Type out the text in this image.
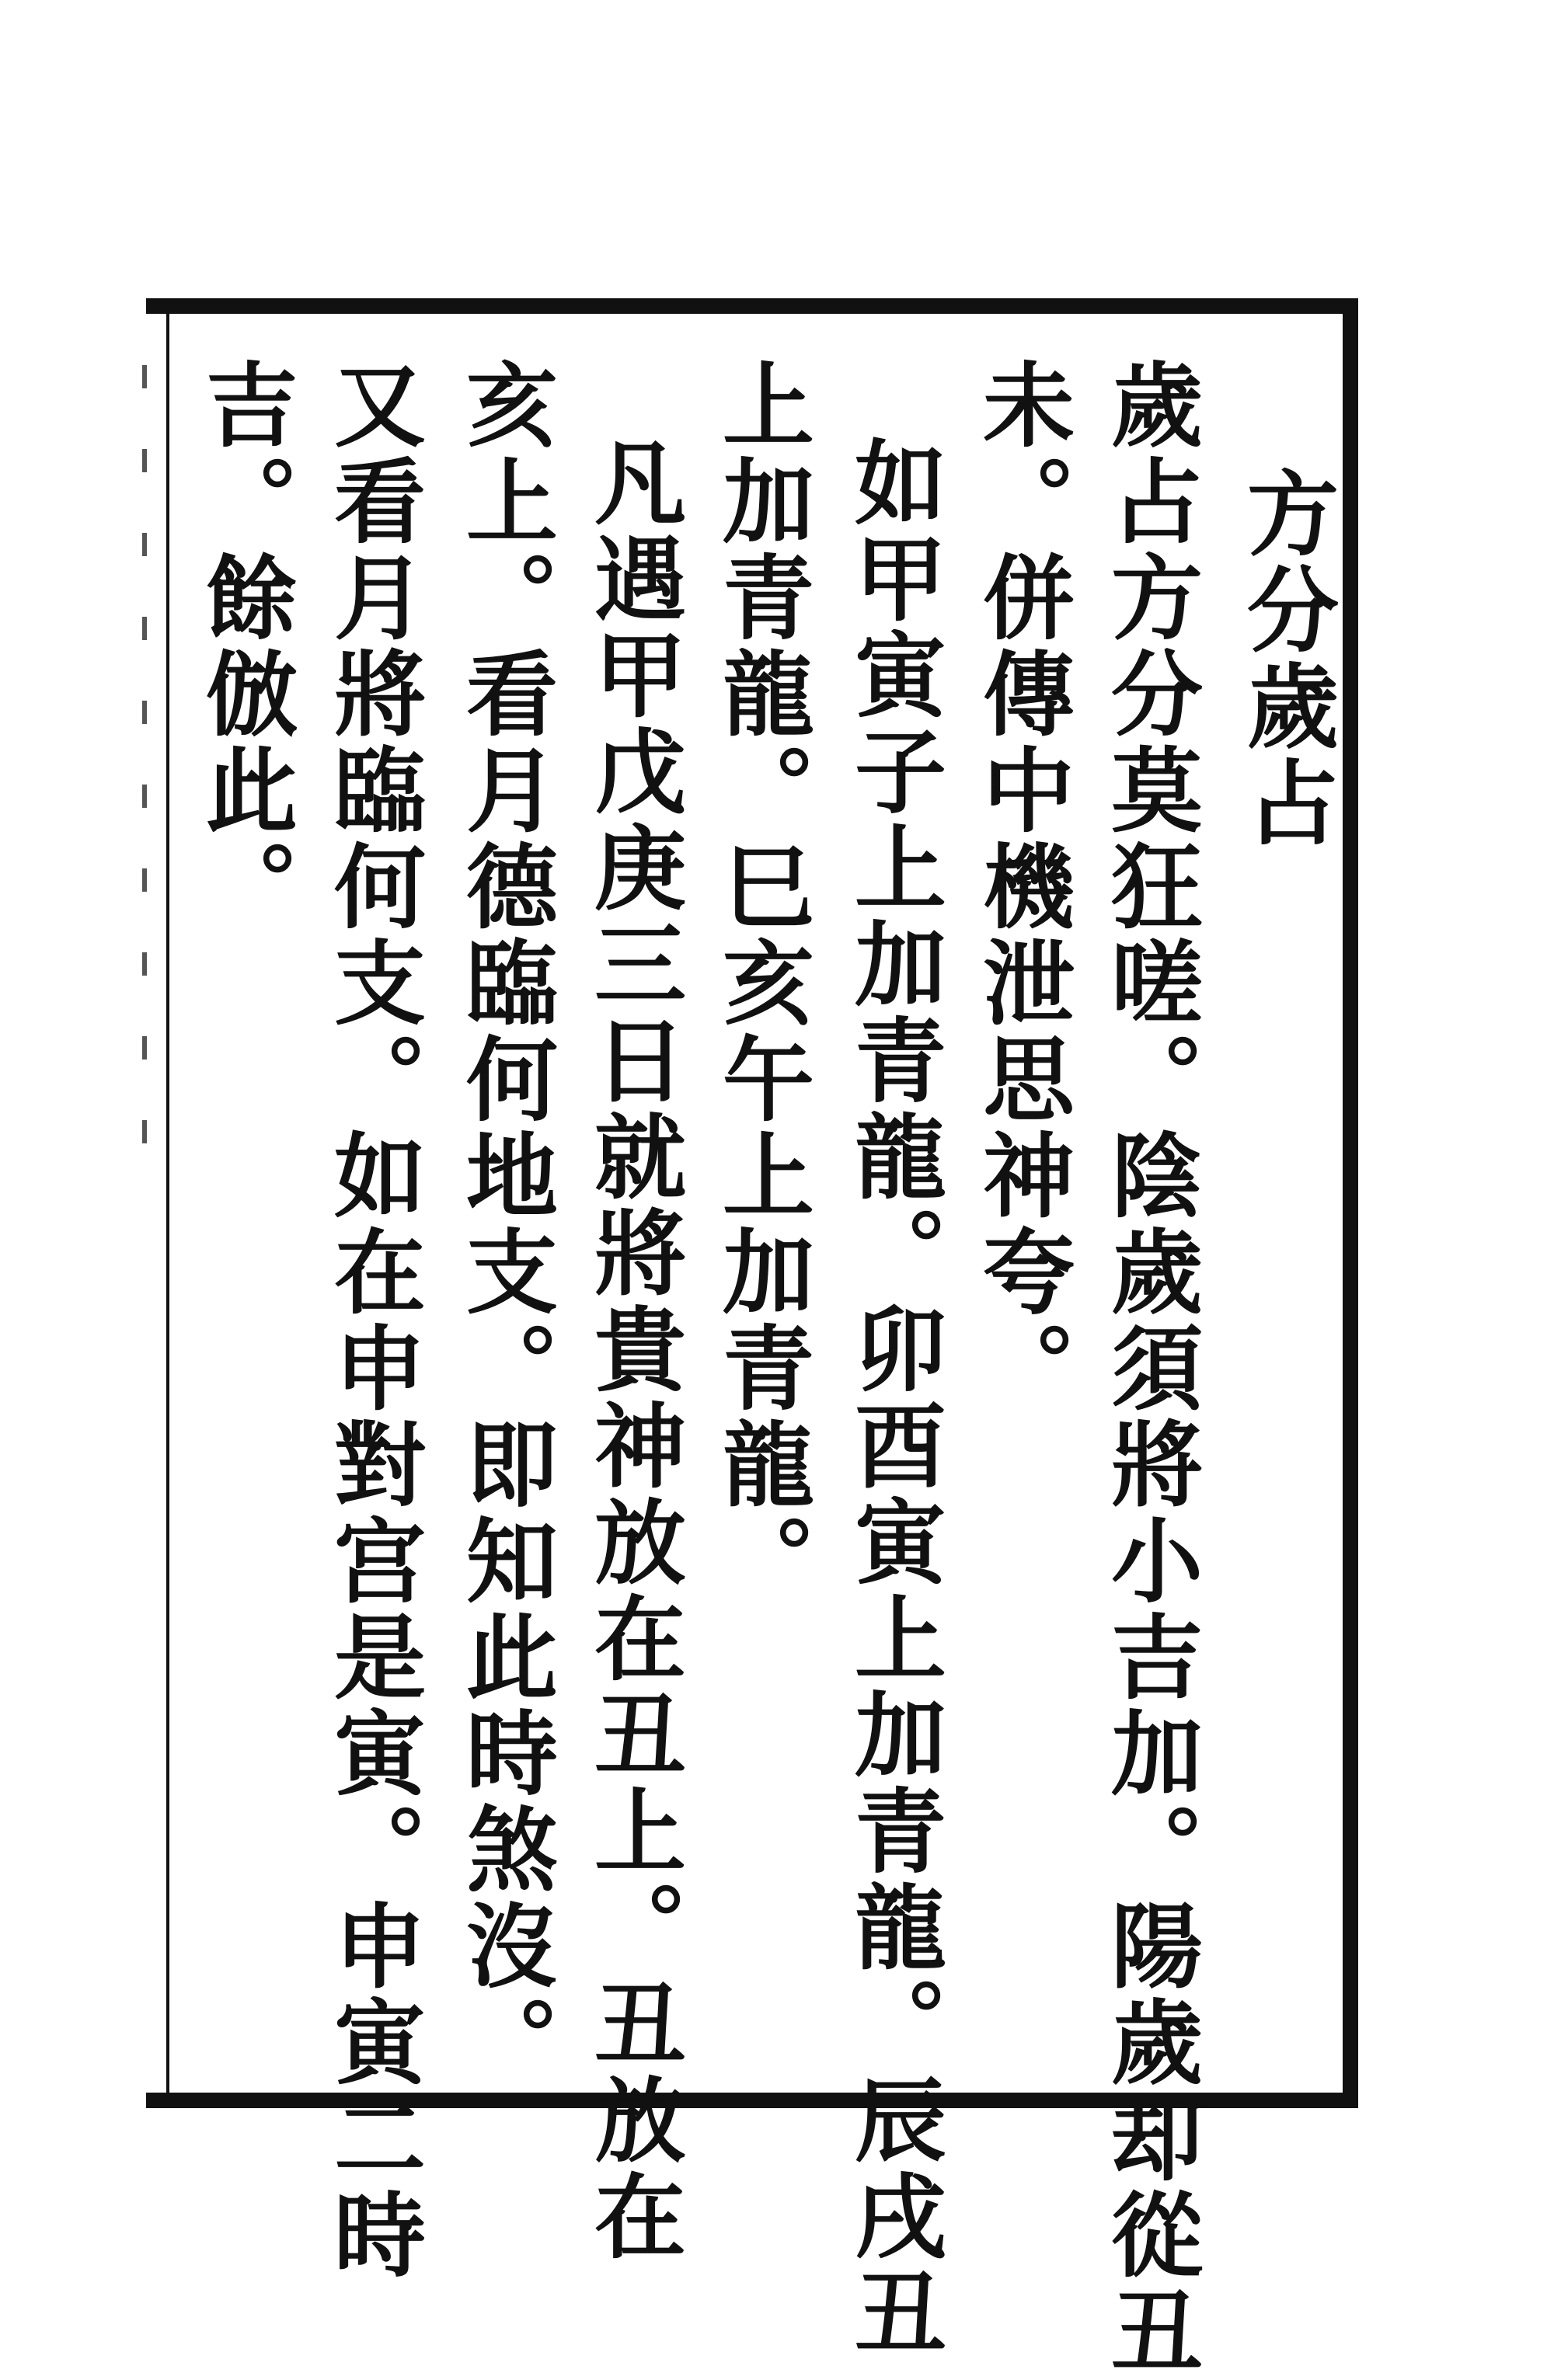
方分歲占
歲占方分莫狂嗟。陰歲須將小吉加。陽歲却從丑
未。併傳中機泄思神夸。
如甲寅子上加青龍。卯酉寅上加青龍。辰戌丑
上加青龍。巳亥午上加青龍。
凡遇甲戊庚三日就將貴神放在丑上。丑放在
亥上。看月德臨何地支。即知此時煞沒。
又看月將臨何支。如在申對宫是寅。申寅二時
吉。餘倣此。
